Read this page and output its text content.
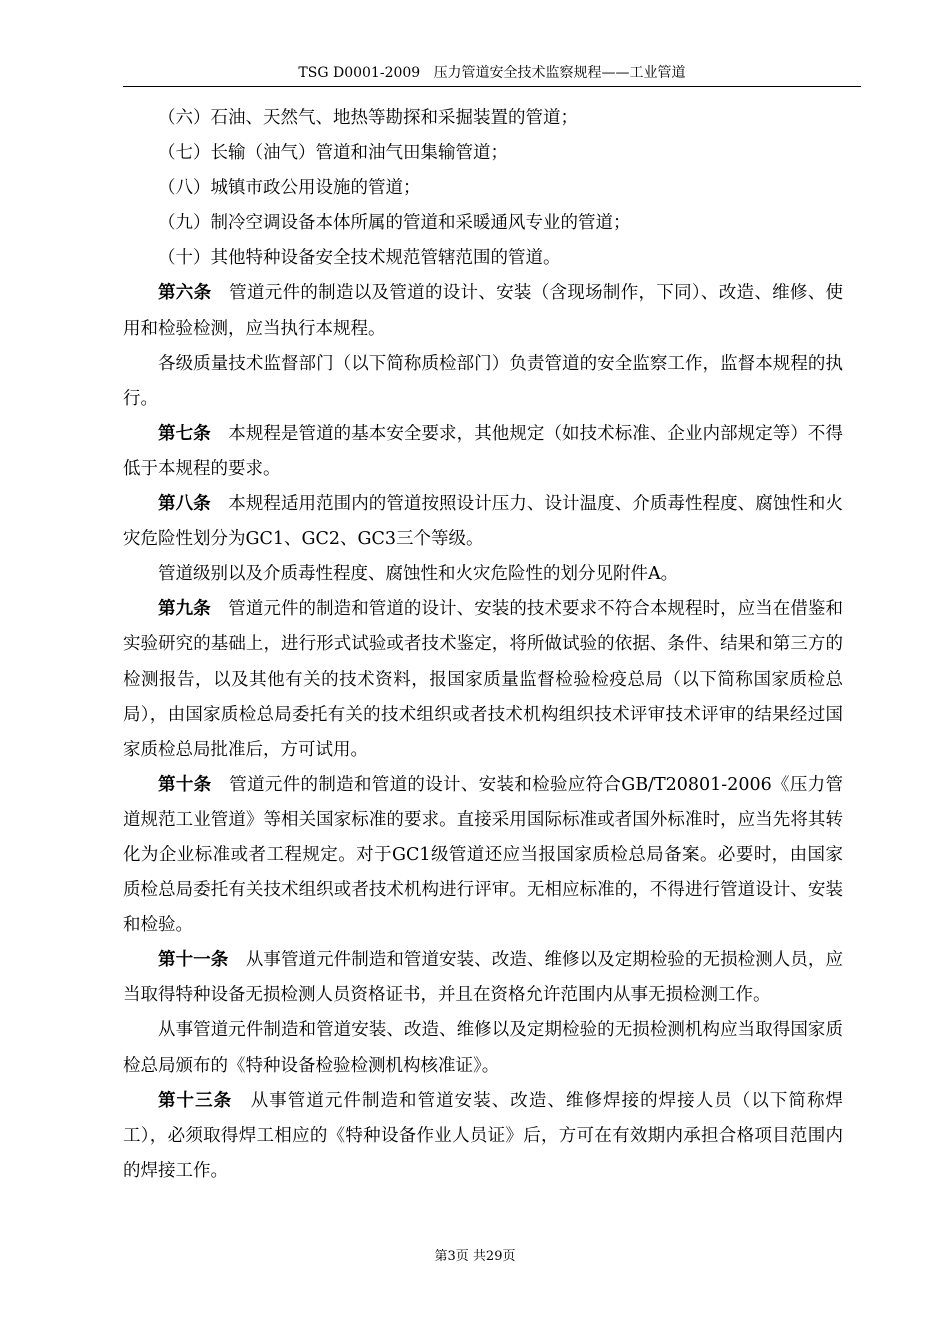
TSG D0001-2009 压力管道安全技术监察规程——工业管道

（六）石油、天然气、地热等勘探和采掘装置的管道；

（七）长输（油气）管道和油气田集输管道；

（八）城镇市政公用设施的管道；

（九）制冷空调设备本体所属的管道和采暖通风专业的管道；

（十）其他特种设备安全技术规范管辖范围的管道。

第六条 管道元件的制造以及管道的设计、安装（含现场制作，下同）、改造、维修、使用和检验检测，应当执行本规程。

各级质量技术监督部门（以下简称质检部门）负责管道的安全监察工作，监督本规程的执行。

第七条 本规程是管道的基本安全要求，其他规定（如技术标准、企业内部规定等）不得低于本规程的要求。

第八条 本规程适用范围内的管道按照设计压力、设计温度、介质毒性程度、腐蚀性和火灾危险性划分为GC1、GC2、GC3三个等级。

管道级别以及介质毒性程度、腐蚀性和火灾危险性的划分见附件A。

第九条 管道元件的制造和管道的设计、安装的技术要求不符合本规程时，应当在借鉴和实验研究的基础上，进行形式试验或者技术鉴定，将所做试验的依据、条件、结果和第三方的检测报告，以及其他有关的技术资料，报国家质量监督检验检疫总局（以下简称国家质检总局），由国家质检总局委托有关的技术组织或者技术机构组织技术评审技术评审的结果经过国家质检总局批准后，方可试用。

第十条 管道元件的制造和管道的设计、安装和检验应符合GB/T20801-2006《压力管道规范工业管道》等相关国家标准的要求。直接采用国际标准或者国外标准时，应当先将其转化为企业标准或者工程规定。对于GC1级管道还应当报国家质检总局备案。必要时，由国家质检总局委托有关技术组织或者技术机构进行评审。无相应标准的，不得进行管道设计、安装和检验。

第十一条 从事管道元件制造和管道安装、改造、维修以及定期检验的无损检测人员，应当取得特种设备无损检测人员资格证书，并且在资格允许范围内从事无损检测工作。

从事管道元件制造和管道安装、改造、维修以及定期检验的无损检测机构应当取得国家质检总局颁布的《特种设备检验检测机构核准证》。

第十三条 从事管道元件制造和管道安装、改造、维修焊接的焊接人员（以下简称焊工），必须取得焊工相应的《特种设备作业人员证》后，方可在有效期内承担合格项目范围内的焊接工作。

第3页 共29页
